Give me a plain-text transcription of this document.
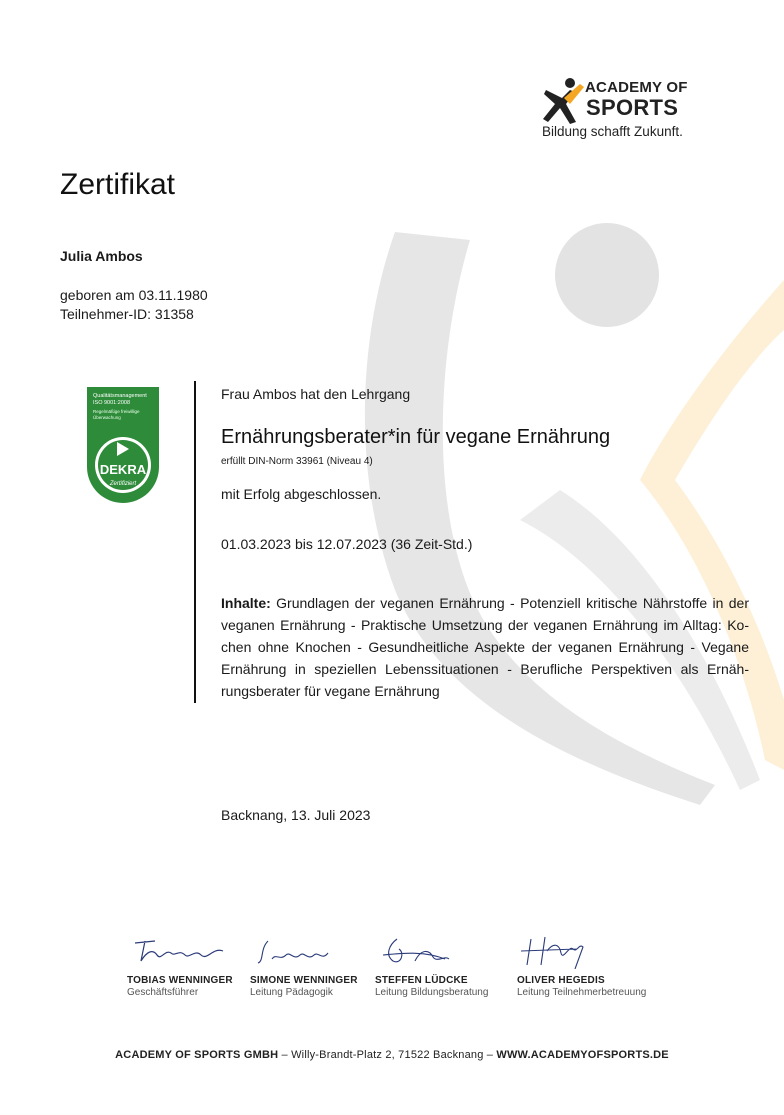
ACADEMY OF
SPORTS
Bildung schafft Zukunft.
Zertifikat
Julia Ambos
geboren am 03.11.1980
Teilnehmer-ID: 31358
Qualitätsmanagement ISO 9001:2008
Regelmäßige freiwillige Überwachung
DEKRA
Zertifiziert
Frau Ambos hat den Lehrgang
Ernährungsberater*in für vegane Ernährung
erfüllt DIN-Norm 33961 (Niveau 4)
mit Erfolg abgeschlossen.
01.03.2023 bis 12.07.2023 (36 Zeit-Std.)
Inhalte: Grundlagen der veganen Ernährung - Potenziell kritische Nährstoffe in der veganen Ernährung - Praktische Umsetzung der veganen Ernährung im Alltag: Kochen ohne Knochen - Gesundheitliche Aspekte der veganen Ernährung - Vegane Ernährung in speziellen Lebenssituationen - Berufliche Perspektiven als Ernährungsberater für vegane Ernährung
Backnang, 13. Juli 2023
TOBIAS WENNINGER
Geschäftsführer
SIMONE WENNINGER
Leitung Pädagogik
STEFFEN LÜDCKE
Leitung Bildungsberatung
OLIVER HEGEDIS
Leitung Teilnehmerbetreuung
ACADEMY OF SPORTS GMBH – Willy-Brandt-Platz 2, 71522 Backnang – WWW.ACADEMYOFSPORTS.DE
